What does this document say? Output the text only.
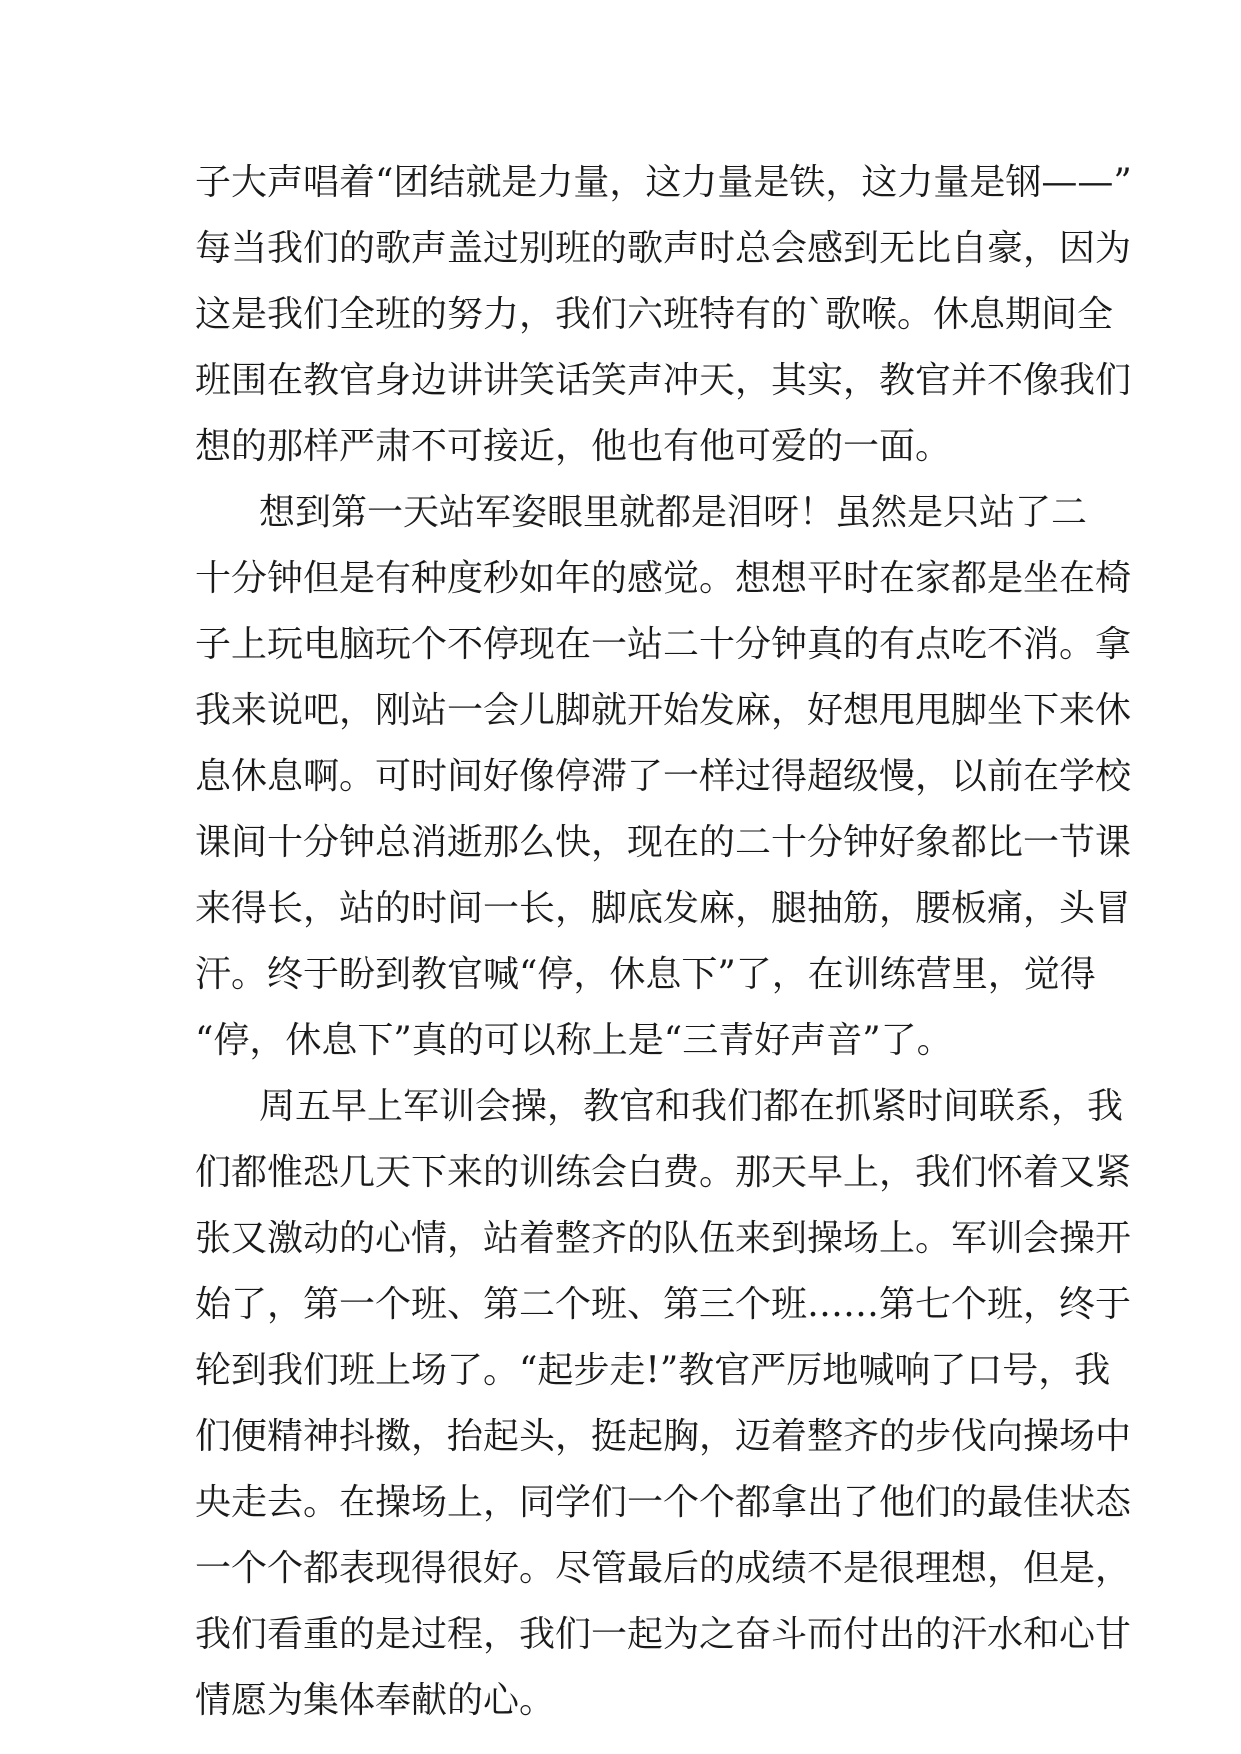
子大声唱着“团结就是力量，这力量是铁，这力量是钢——”
每当我们的歌声盖过别班的歌声时总会感到无比自豪，因为
这是我们全班的努力，我们六班特有的`歌喉。休息期间全
班围在教官身边讲讲笑话笑声冲天，其实，教官并不像我们
想的那样严肃不可接近，他也有他可爱的一面。
想到第一天站军姿眼里就都是泪呀！虽然是只站了二
十分钟但是有种度秒如年的感觉。想想平时在家都是坐在椅
子上玩电脑玩个不停现在一站二十分钟真的有点吃不消。拿
我来说吧，刚站一会儿脚就开始发麻，好想甩甩脚坐下来休
息休息啊。可时间好像停滞了一样过得超级慢，以前在学校
课间十分钟总消逝那么快，现在的二十分钟好象都比一节课
来得长，站的时间一长，脚底发麻，腿抽筋，腰板痛，头冒
汗。终于盼到教官喊“停，休息下”了，在训练营里，觉得
“停，休息下”真的可以称上是“三青好声音”了。
周五早上军训会操，教官和我们都在抓紧时间联系，我
们都惟恐几天下来的训练会白费。那天早上，我们怀着又紧
张又激动的心情，站着整齐的队伍来到操场上。军训会操开
始了，第一个班、第二个班、第三个班……第七个班，终于
轮到我们班上场了。“起步走!”教官严厉地喊响了口号，我
们便精神抖擞，抬起头，挺起胸，迈着整齐的步伐向操场中
央走去。在操场上，同学们一个个都拿出了他们的最佳状态
一个个都表现得很好。尽管最后的成绩不是很理想，但是，
我们看重的是过程，我们一起为之奋斗而付出的汗水和心甘
情愿为集体奉献的心。
